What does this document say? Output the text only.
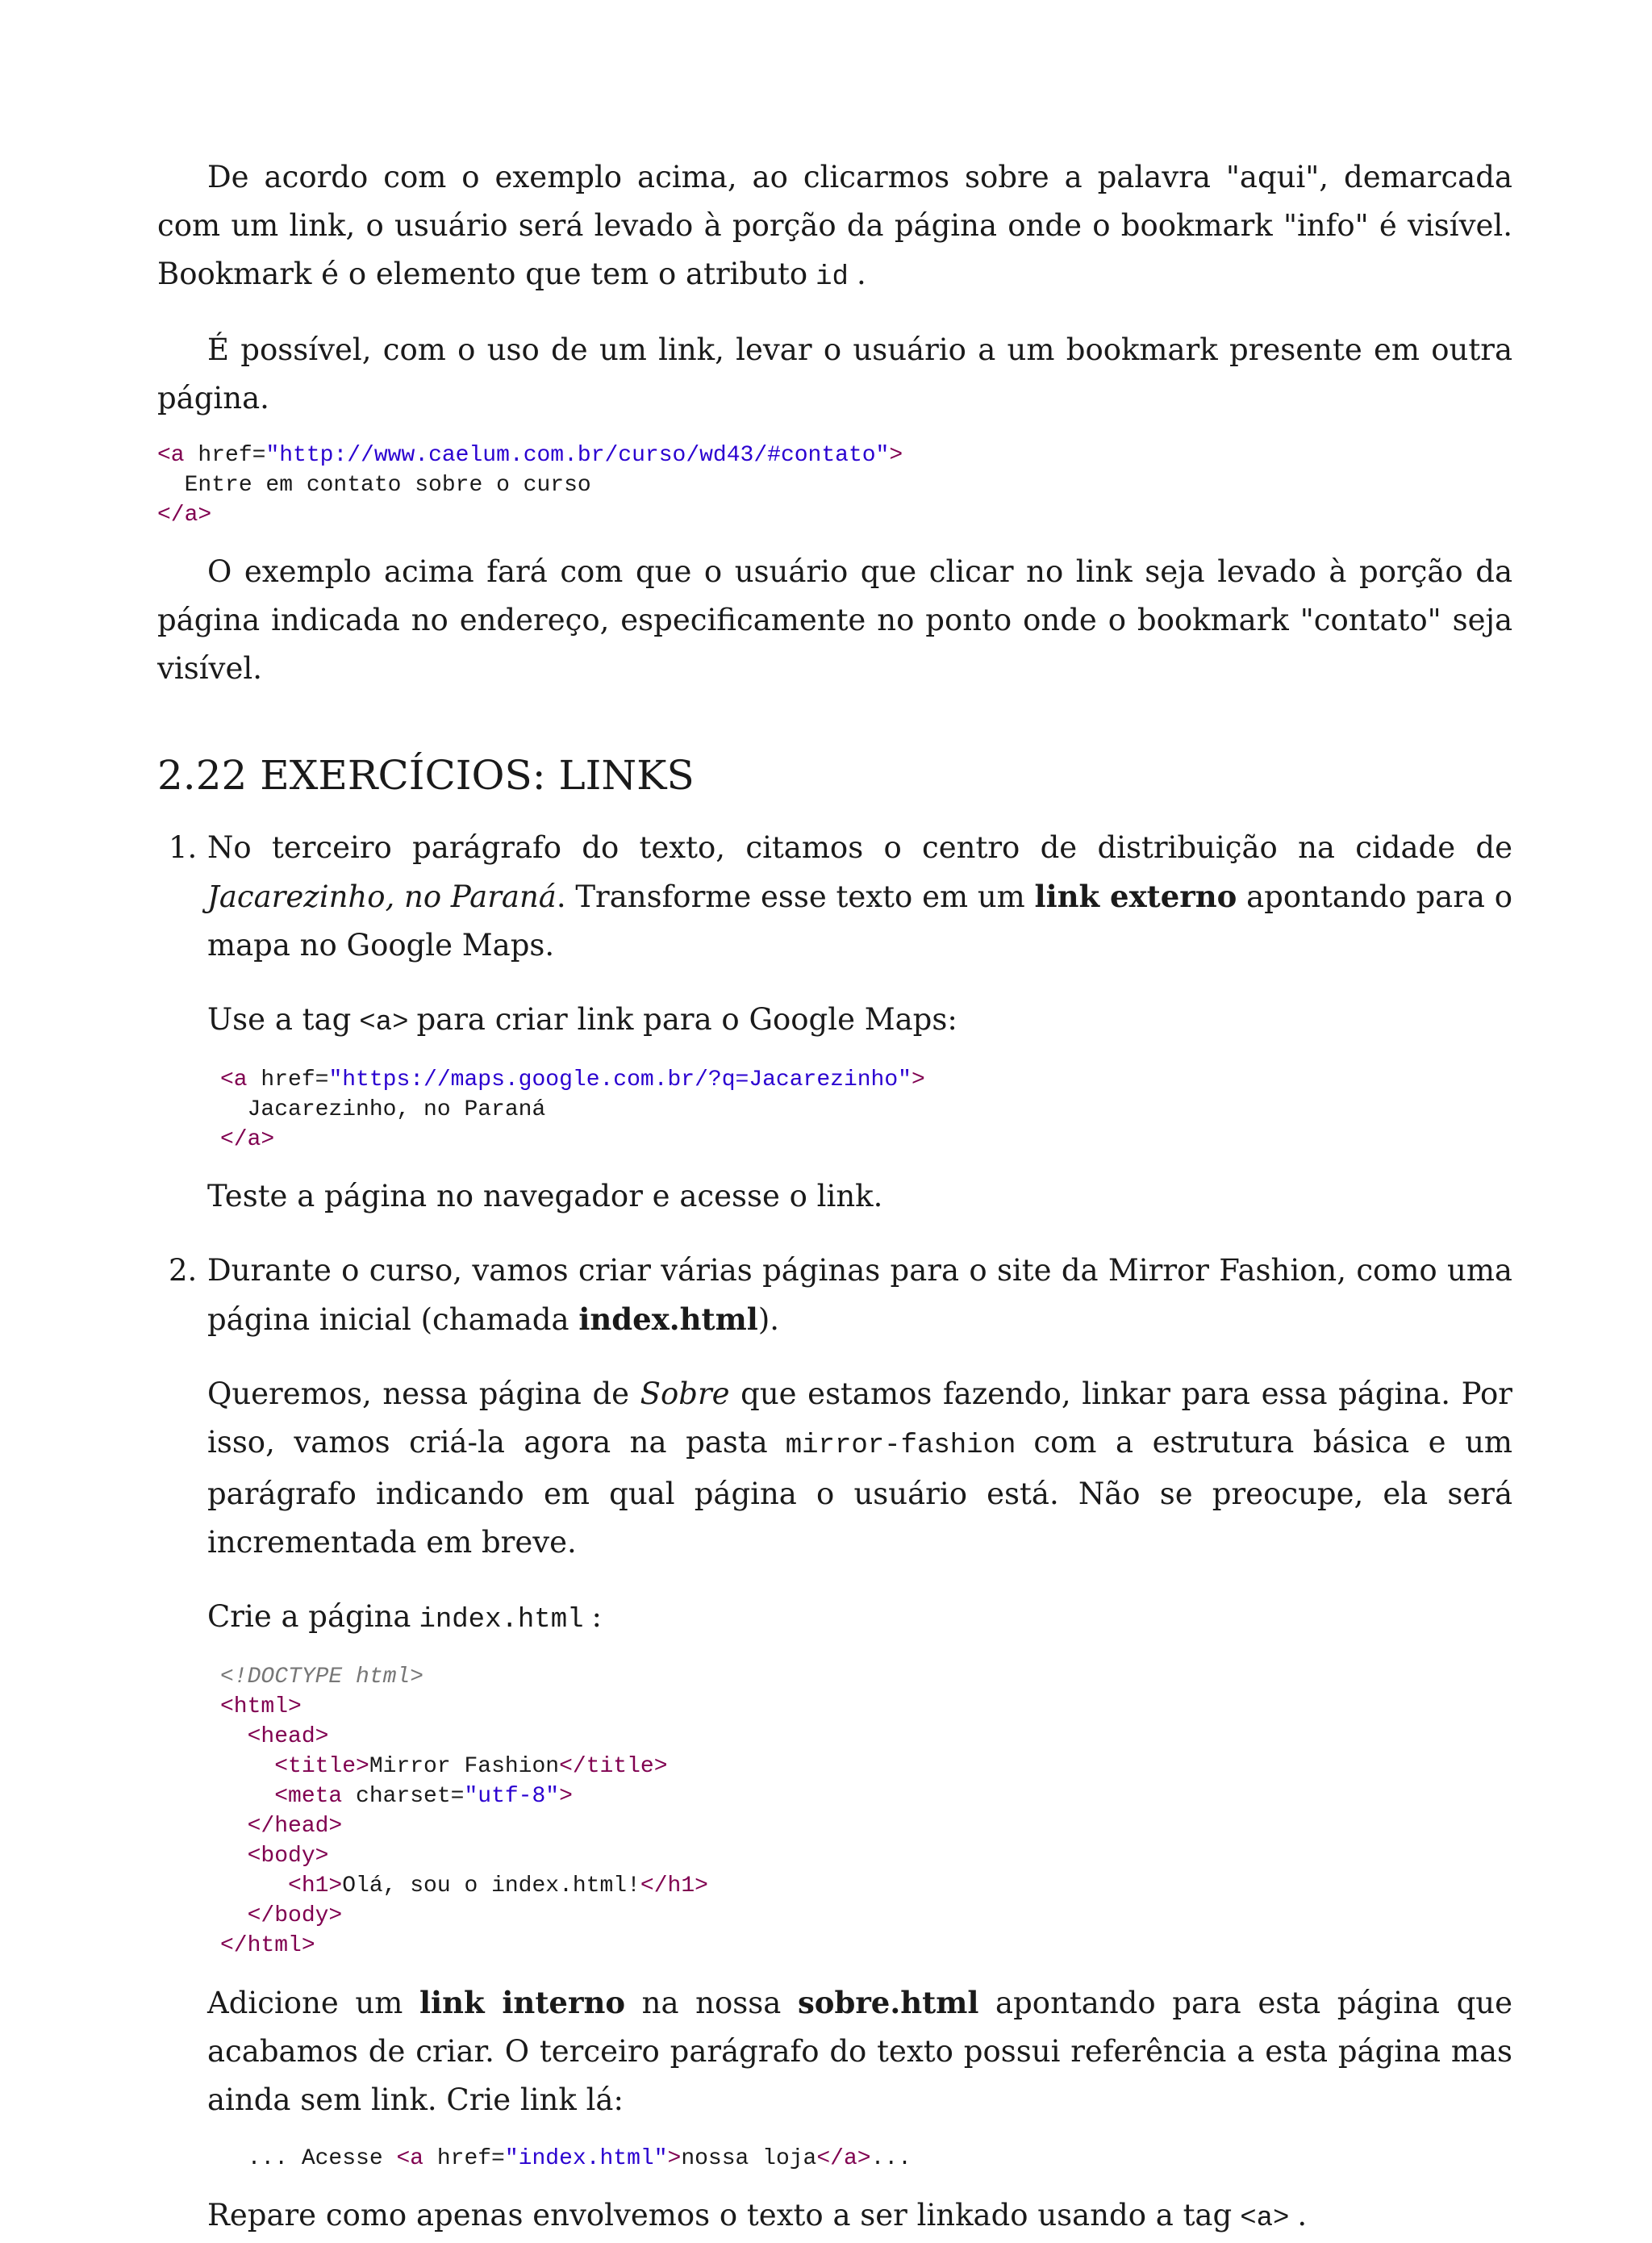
De acordo com o exemplo acima, ao clicarmos sobre a palavra "aqui", demarcada com um link, o usuário será levado à porção da página onde o bookmark "info" é visível. Bookmark é o elemento que tem o atributo id .

É possível, com o uso de um link, levar o usuário a um bookmark presente em outra página.

<a href="http://www.caelum.com.br/curso/wd43/#contato">
Entre em contato sobre o curso
</a>

O exemplo acima fará com que o usuário que clicar no link seja levado à porção da página indicada no endereço, especificamente no ponto onde o bookmark "contato" seja visível.

2.22 EXERCÍCIOS: LINKS
1. No terceiro parágrafo do texto, citamos o centro de distribuição na cidade de Jacarezinho, no Paraná. Transforme esse texto em um link externo apontando para o mapa no Google Maps.

Use a tag <a> para criar link para o Google Maps:

<a href="https://maps.google.com.br/?q=Jacarezinho">
Jacarezinho, no Paraná
</a>

Teste a página no navegador e acesse o link.

2. Durante o curso, vamos criar várias páginas para o site da Mirror Fashion, como uma página inicial (chamada index.html).

Queremos, nessa página de Sobre que estamos fazendo, linkar para essa página. Por isso, vamos criá-la agora na pasta mirror-fashion com a estrutura básica e um parágrafo indicando em qual página o usuário está. Não se preocupe, ela será incrementada em breve.

Crie a página index.html :

<!DOCTYPE html>
<html>
<head>
<title>Mirror Fashion</title>
<meta charset="utf-8">
</head>
<body>
<h1>Olá, sou o index.html!</h1>
</body>
</html>

Adicione um link interno na nossa sobre.html apontando para esta página que acabamos de criar. O terceiro parágrafo do texto possui referência a esta página mas ainda sem link. Crie link lá:

... Acesse <a href="index.html">nossa loja</a>...

Repare como apenas envolvemos o texto a ser linkado usando a tag <a> .
